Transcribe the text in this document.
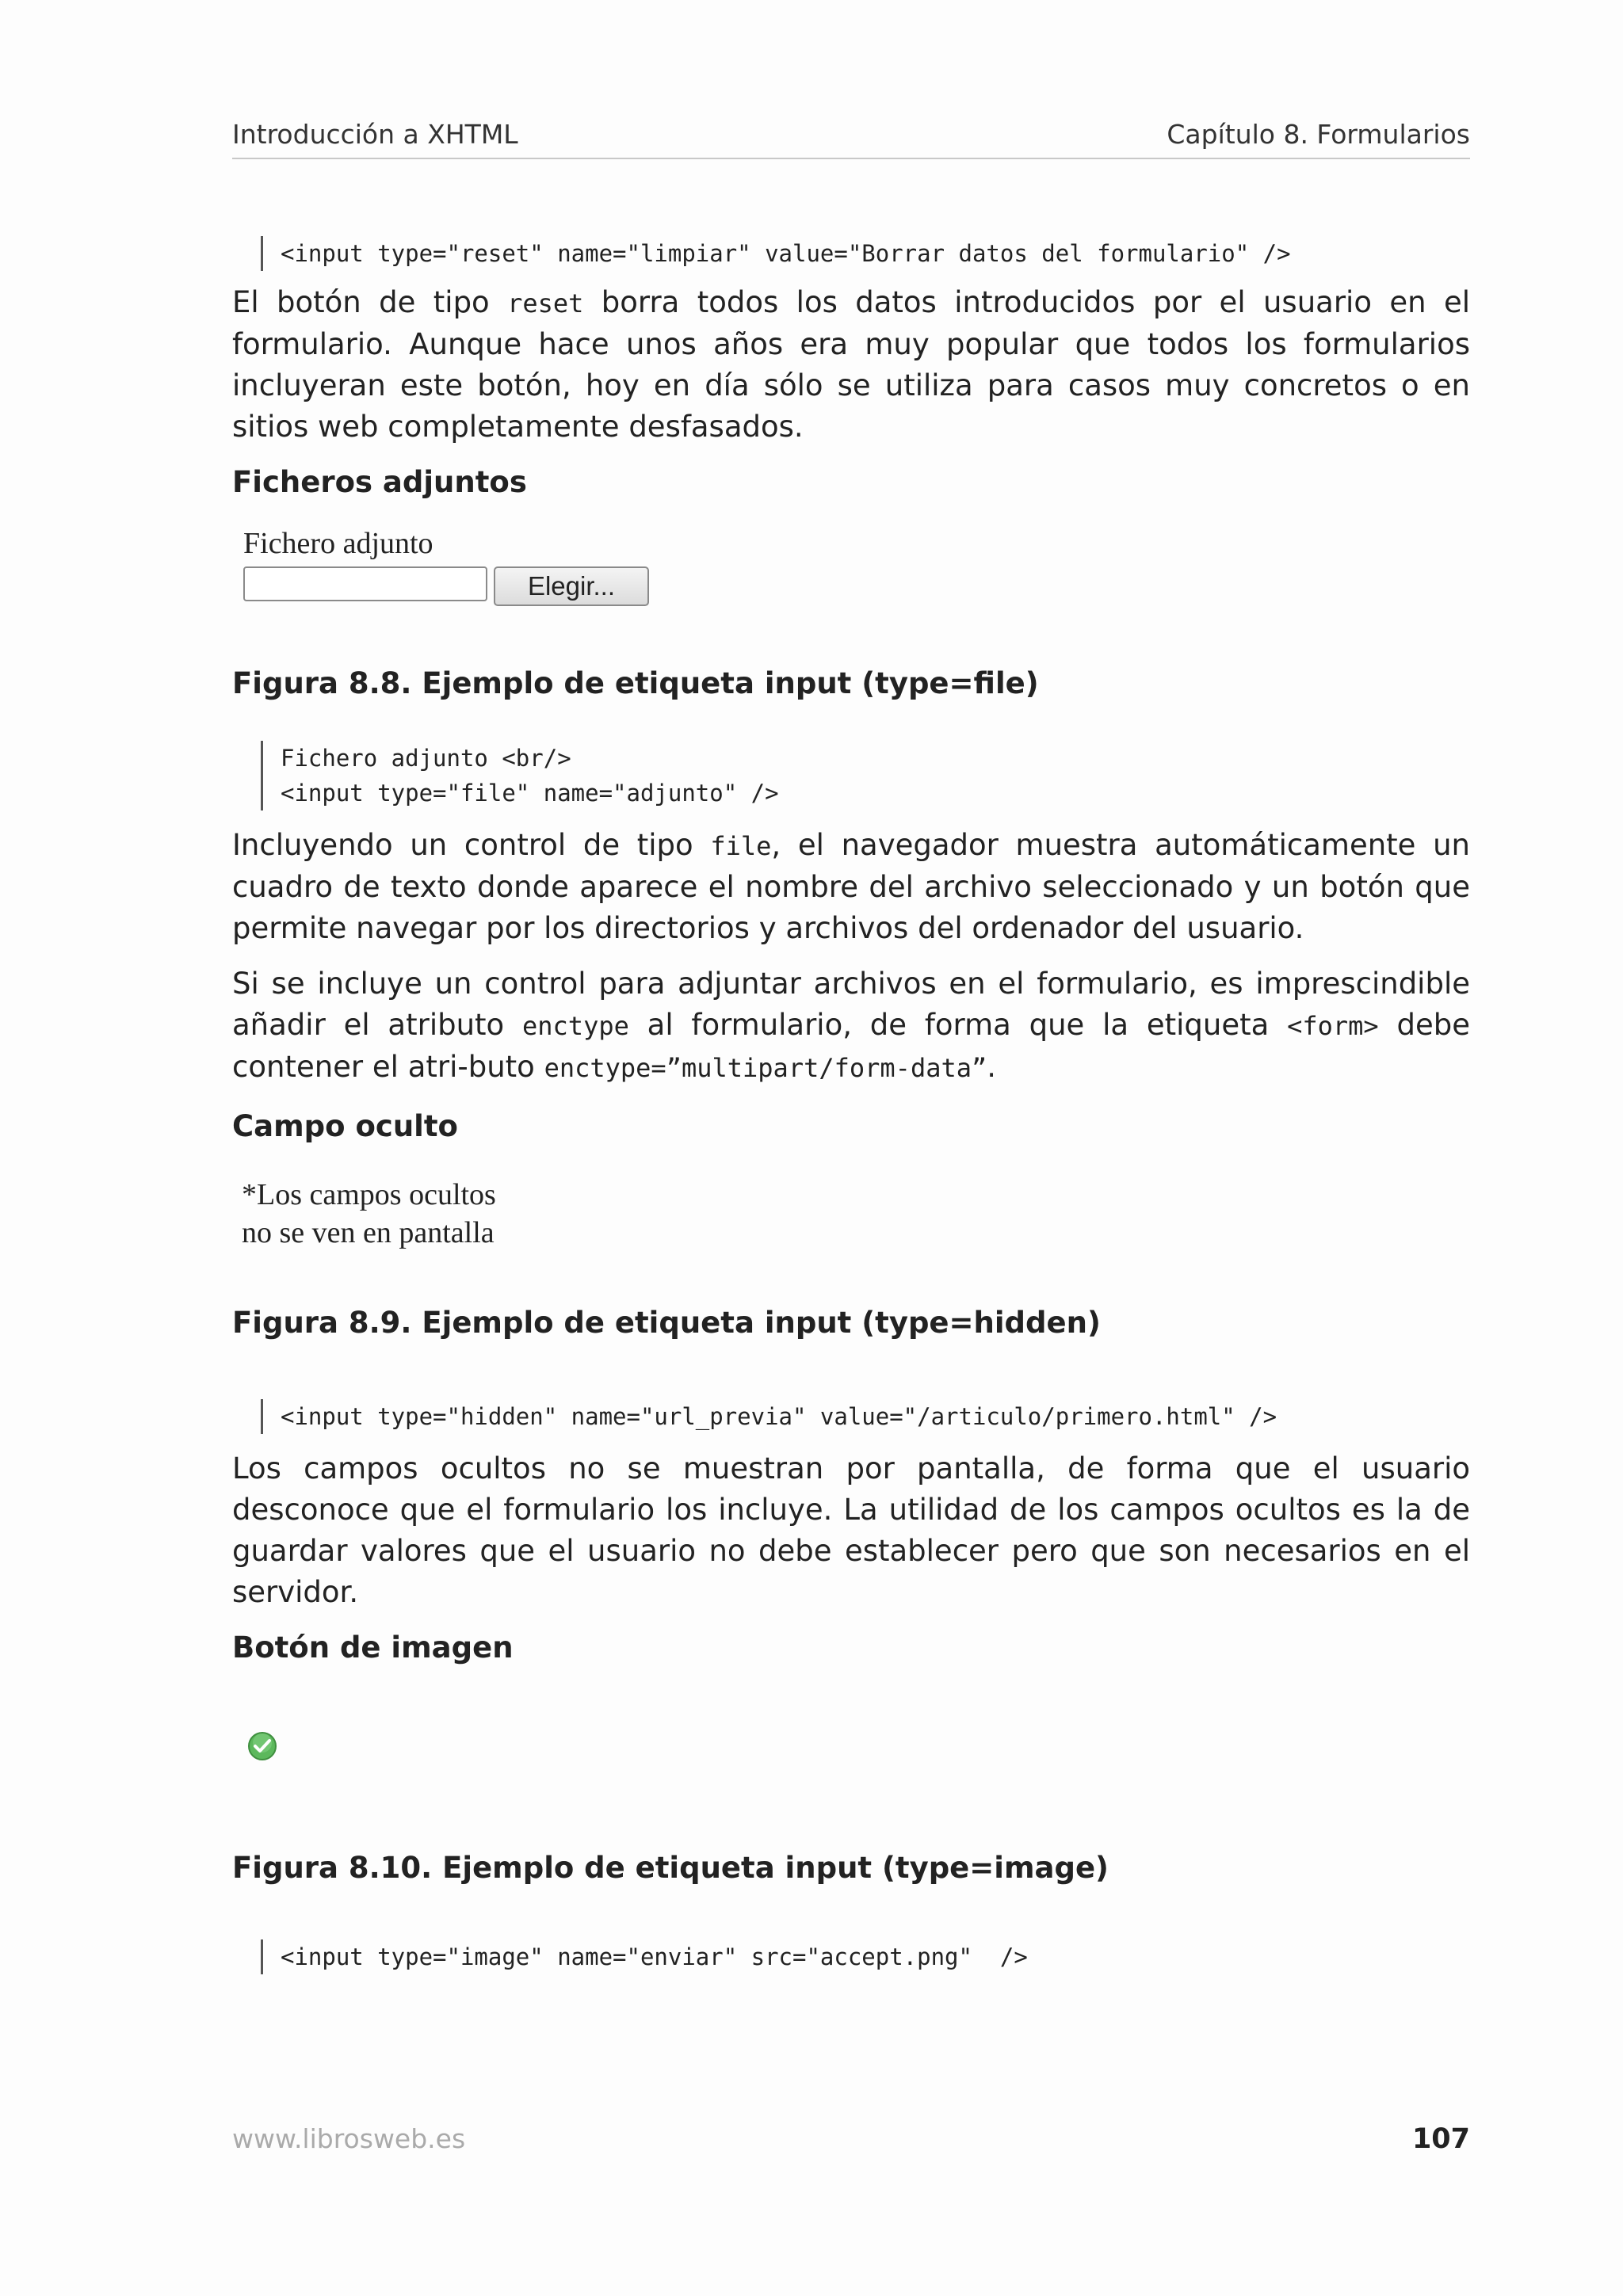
Introducción a XHTML	Capítulo 8. Formularios
<input type="reset" name="limpiar" value="Borrar datos del formulario" />

El botón de tipo reset borra todos los datos introducidos por el usuario en el formulario. Aunque hace unos años era muy popular que todos los formularios incluyeran este botón, hoy en día sólo se utiliza para casos muy concretos o en sitios web completamente desfasados.

Ficheros adjuntos
Fichero adjunto
Elegir...

Figura 8.8. Ejemplo de etiqueta input (type=file)

Fichero adjunto <br/>
<input type="file" name="adjunto" />

Incluyendo un control de tipo file, el navegador muestra automáticamente un cuadro de texto donde aparece el nombre del archivo seleccionado y un botón que permite navegar por los directorios y archivos del ordenador del usuario.

Si se incluye un control para adjuntar archivos en el formulario, es imprescindible añadir el atributo enctype al formulario, de forma que la etiqueta <form> debe contener el atri-buto enctype=”multipart/form-data”.

Campo oculto
*Los campos ocultos
no se ven en pantalla

Figura 8.9. Ejemplo de etiqueta input (type=hidden)

<input type="hidden" name="url_previa" value="/articulo/primero.html" />

Los campos ocultos no se muestran por pantalla, de forma que el usuario desconoce que el formulario los incluye. La utilidad de los campos ocultos es la de guardar valores que el usuario no debe establecer pero que son necesarios en el servidor.

Botón de imagen

Figura 8.10. Ejemplo de etiqueta input (type=image)

<input type="image" name="enviar" src="accept.png"  />
www.librosweb.es	107
